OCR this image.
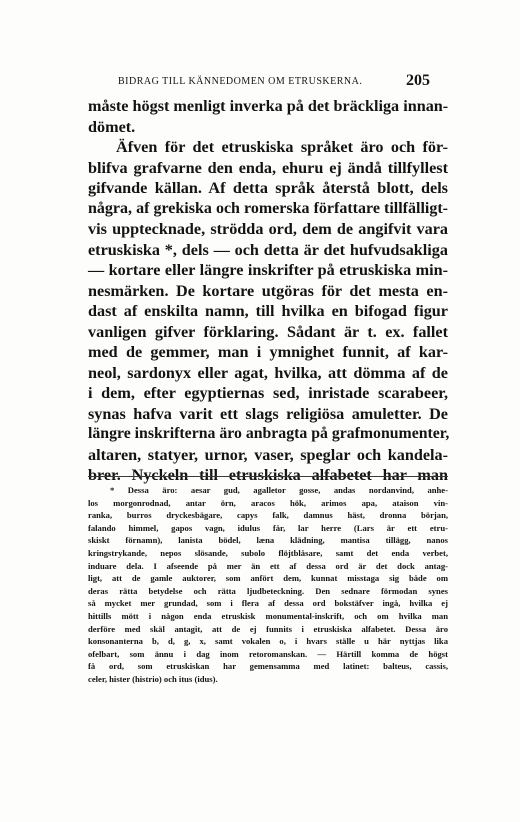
BIDRAG TILL KÄNNEDOMEN OM ETRUSKERNA.	205
måste högst menligt inverka på det bräckliga innan-
dömet.
Äfven för det etruskiska språket äro och för-
blifva grafvarne den enda, ehuru ej ändå tillfyllest
gifvande källan. Af detta språk återstå blott, dels
några, af grekiska och romerska författare tillfälligt-
vis upptecknade, strödda ord, dem de angifvit vara
etruskiska *, dels — och detta är det hufvudsakliga
— kortare eller längre inskrifter på etruskiska min-
nesmärken. De kortare utgöras för det mesta en-
dast af enskilta namn, till hvilka en bifogad figur
vanligen gifver förklaring. Sådant är t. ex. fallet
med de gemmer, man i ymnighet funnit, af kar-
neol, sardonyx eller agat, hvilka, att dömma af de
i dem, efter egyptiernas sed, inristade scarabeer,
synas hafva varit ett slags religiösa amuletter. De
längre inskrifterna äro anbragta på grafmonumenter,
altaren, statyer, urnor, vaser, speglar och kandela-
brer. Nyckeln till etruskiska alfabetet har man
* Dessa äro: aesar gud, agalletor gosse, andas nordanvind, anhe-
los morgonrodnad, antar örn, aracos hök, arimos apa, ataison vin-
ranka, burros dryckesbägare, capys falk, damnus häst, dronna början,
falando himmel, gapos vagn, idulus får, lar herre (Lars är ett etru-
skiskt förnamn), lanista bödel, læna klädning, mantisa tillägg, nanos
kringstrykande, nepos slösande, subolo flöjtblåsare, samt det enda verbet,
induare dela. I afseende på mer än ett af dessa ord är det dock antag-
ligt, att de gamle auktorer, som anfört dem, kunnat misstaga sig både om
deras rätta betydelse och rätta ljudbeteckning. Den sednare förmodan synes
så mycket mer grundad, som i flera af dessa ord bokstäfver ingå, hvilka ej
hittills mött i någon enda etruskisk monumental-inskrift, och om hvilka man
derföre med skäl antagit, att de ej funnits i etruskiska alfabetet. Dessa äro
konsonanterna b, d, g, x, samt vokalen o, i hvars ställe u här nyttjas lika
ofelbart, som ännu i dag inom retoromanskan. — Härtill komma de högst
få ord, som etruskiskan har gemensamma med latinet: balteus, cassis,
celer, hister (histrio) och itus (idus).
